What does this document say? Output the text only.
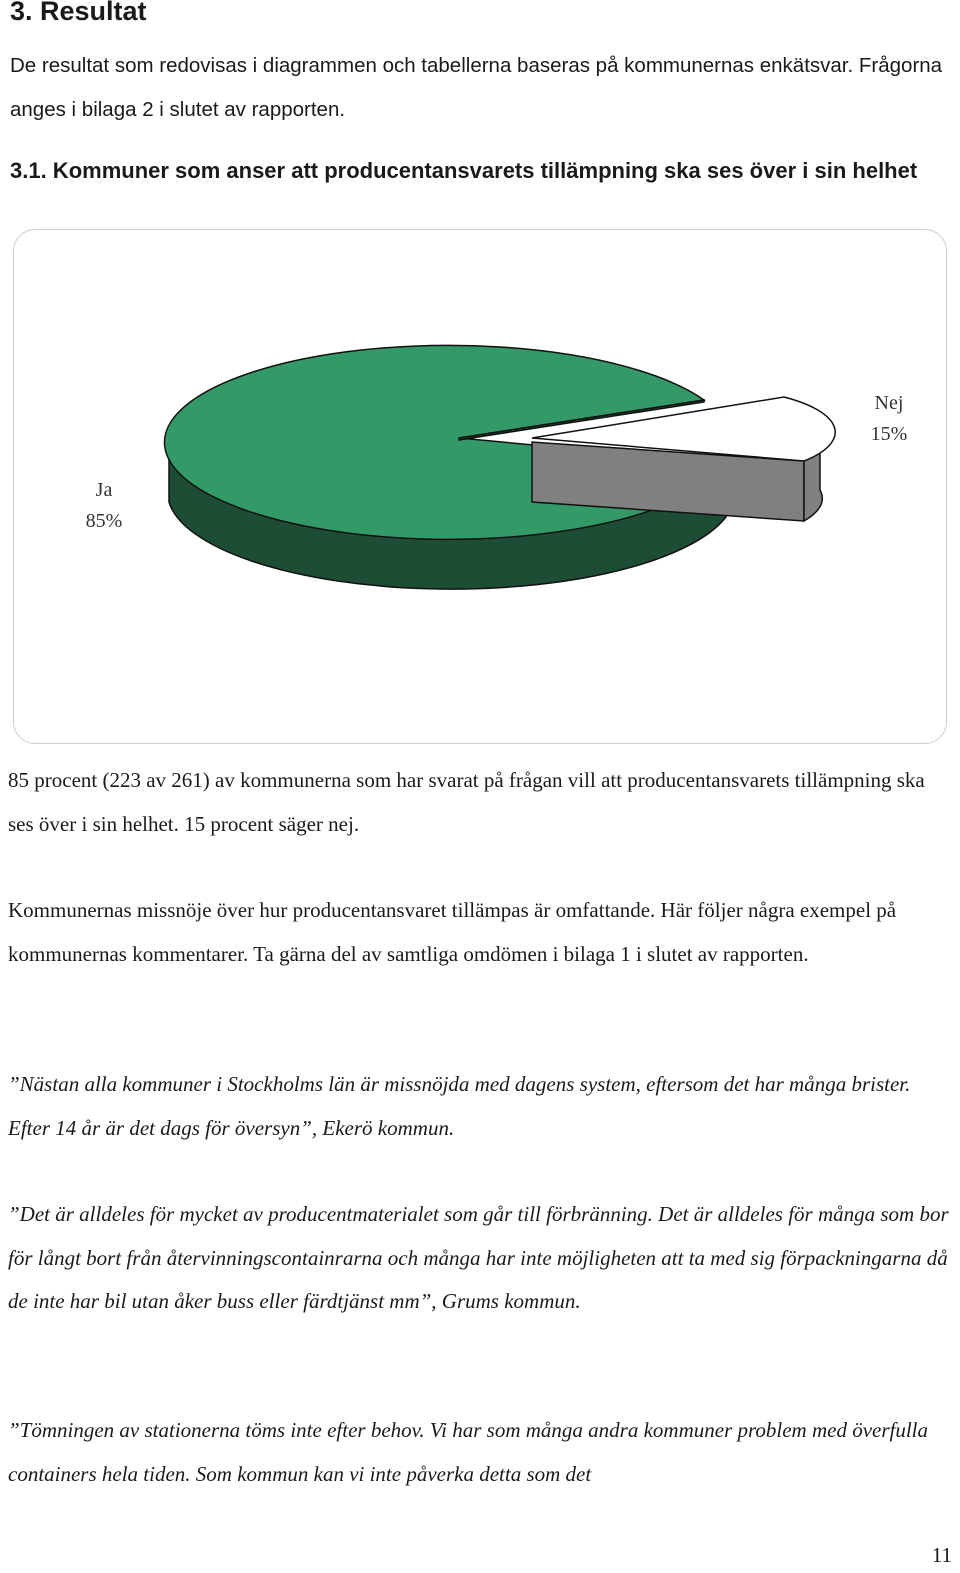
3. Resultat
De resultat som redovisas i diagrammen och tabellerna baseras på kommunernas enkätsvar. Frågorna anges i bilaga 2 i slutet av rapporten.
3.1. Kommuner som anser att producentansvarets tillämpning ska ses över i sin helhet
Ja
85%
Nej
15%
85 procent (223 av 261) av kommunerna som har svarat på frågan vill att producentansvarets tillämpning ska ses över i sin helhet. 15 procent säger nej.
Kommunernas missnöje över hur producentansvaret tillämpas är omfattande. Här följer några exempel på kommunernas kommentarer. Ta gärna del av samtliga omdömen i bilaga 1 i slutet av rapporten.
”Nästan alla kommuner i Stockholms län är missnöjda med dagens system, eftersom det har många brister. Efter 14 år är det dags för översyn”, Ekerö kommun.
”Det är alldeles för mycket av producentmaterialet som går till förbränning. Det är alldeles för många som bor för långt bort från återvinningscontainrarna och många har inte möjligheten att ta med sig förpackningarna då de inte har bil utan åker buss eller färdtjänst mm”, Grums kommun.
”Tömningen av stationerna töms inte efter behov. Vi har som många andra kommuner problem med överfulla containers hela tiden. Som kommun kan vi inte påverka detta som det
11
